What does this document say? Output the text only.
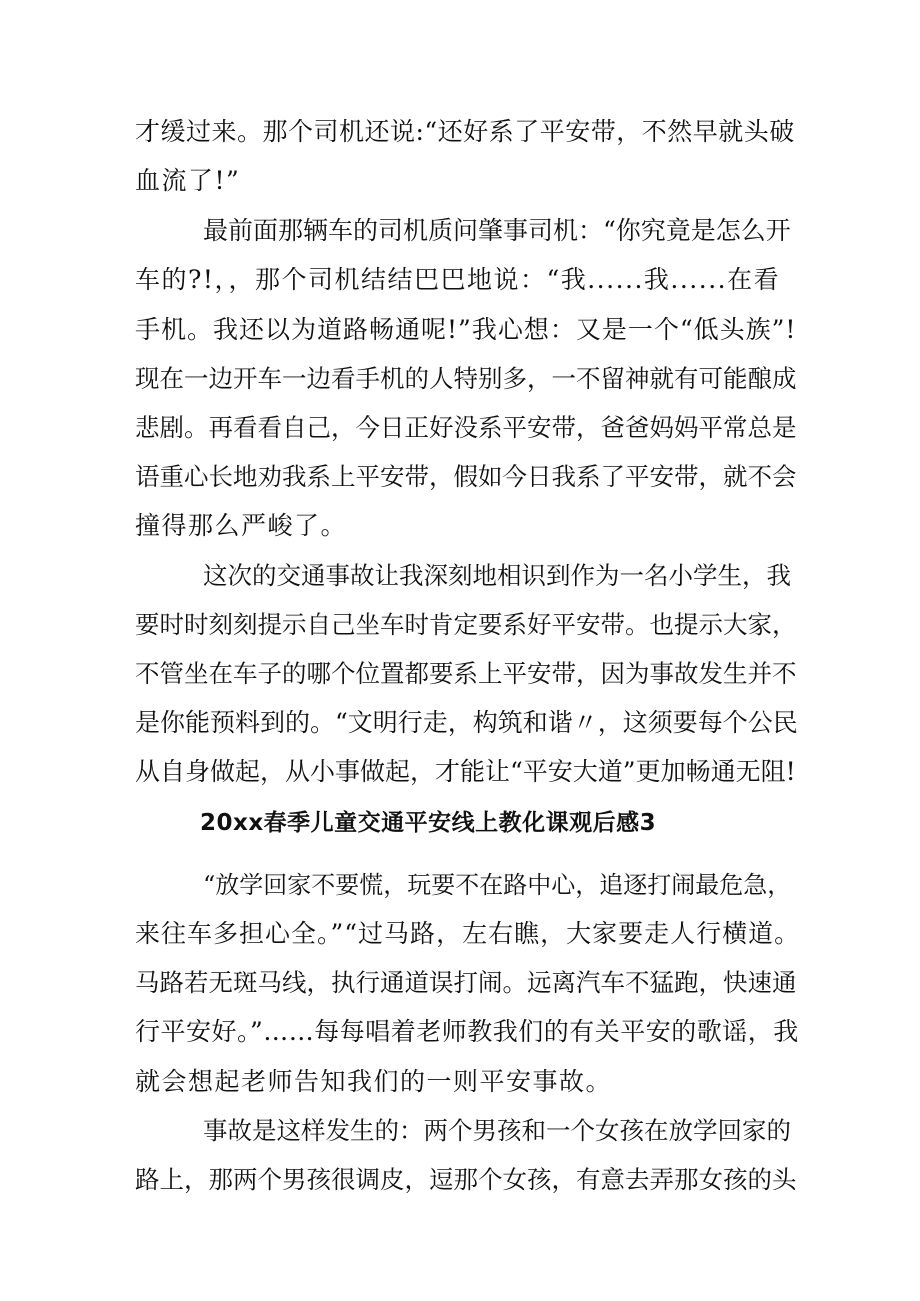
才缓过来。那个司机还说:“还好系了平安带，不然早就头破
血流了!”
最前面那辆车的司机质问肇事司机：“你究竟是怎么开
车的?!，，那个司机结结巴巴地说：“我......我......在看
手机。我还以为道路畅通呢!”我心想：又是一个“低头族”!
现在一边开车一边看手机的人特别多，一不留神就有可能酿成
悲剧。再看看自己，今日正好没系平安带，爸爸妈妈平常总是
语重心长地劝我系上平安带，假如今日我系了平安带，就不会
撞得那么严峻了。
这次的交通事故让我深刻地相识到作为一名小学生，我
要时时刻刻提示自己坐车时肯定要系好平安带。也提示大家，
不管坐在车子的哪个位置都要系上平安带，因为事故发生并不
是你能预料到的。“文明行走，构筑和谐〃，这须要每个公民
从自身做起，从小事做起，才能让“平安大道”更加畅通无阻!
20xx春季儿童交通平安线上教化课观后感3
“放学回家不要慌，玩要不在路中心，追逐打闹最危急，
来往车多担心全。”“过马路，左右瞧，大家要走人行横道。
马路若无斑马线，执行通道误打闹。远离汽车不猛跑，快速通
行平安好。”……每每唱着老师教我们的有关平安的歌谣，我
就会想起老师告知我们的一则平安事故。
事故是这样发生的：两个男孩和一个女孩在放学回家的
路上，那两个男孩很调皮，逗那个女孩，有意去弄那女孩的头
